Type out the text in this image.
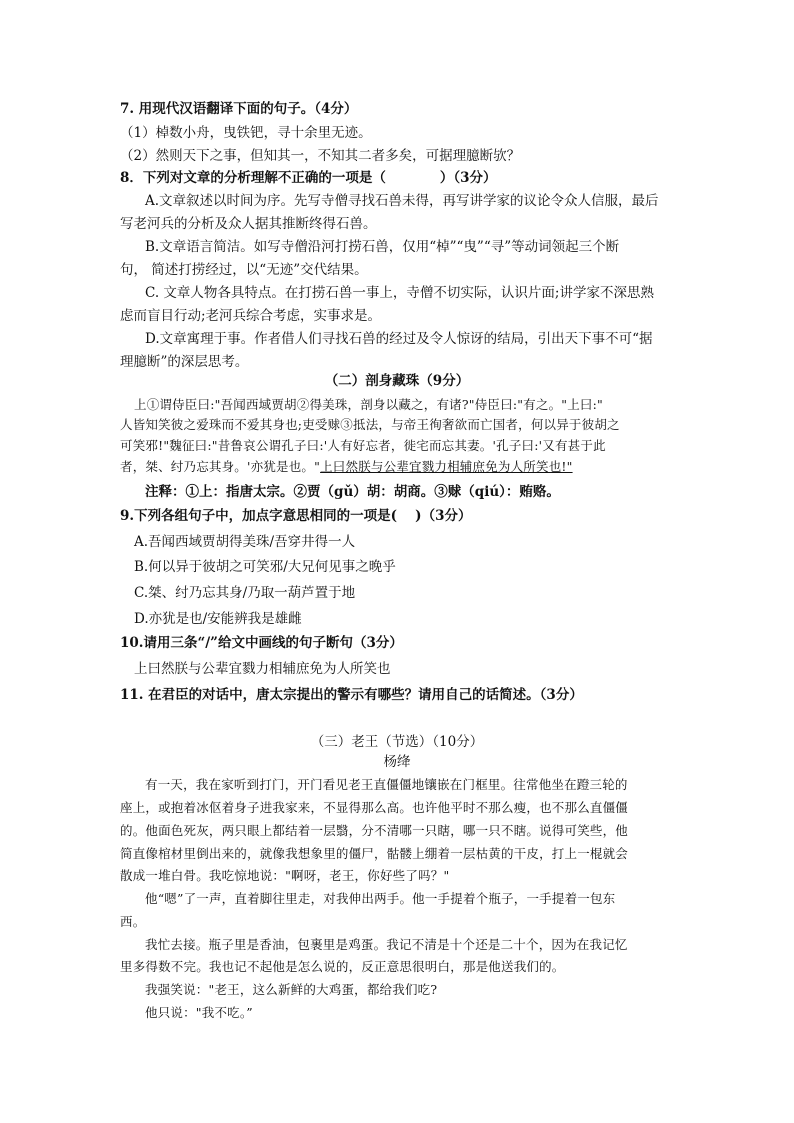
7. 用现代汉语翻译下面的句子。（4分）
（1）棹数小舟，曳铁钯，寻十余里无迹。
（2）然则天下之事，但知其一，不知其二者多矣，可据理臆断欤？
8．下列对文章的分析理解不正确的一项是（　　　　）（3分）
A.文章叙述以时间为序。先写寺僧寻找石兽未得，再写讲学家的议论令众人信服，最后
写老河兵的分析及众人据其推断终得石兽。
B.文章语言简洁。如写寺僧沿河打捞石兽，仅用“棹”“曳”“寻”等动词领起三个断
句， 简述打捞经过，以“无迹”交代结果。
C. 文章人物各具特点。在打捞石兽一事上，寺僧不切实际，认识片面;讲学家不深思熟
虑而盲目行动;老河兵综合考虑，实事求是。
D.文章寓理于事。作者借人们寻找石兽的经过及令人惊讶的结局，引出天下事不可“据
理臆断”的深层思考。
（二）剖身藏珠（9分）
上①谓侍臣曰:"吾闻西域贾胡②得美珠，剖身以藏之，有诸?"侍臣曰:"有之。"上曰:"
人皆知笑彼之爱珠而不爱其身也;吏受赇③抵法，与帝王徇奢欲而亡国者，何以异于彼胡之
可笑邪!"魏征曰:"昔鲁哀公谓孔子曰:'人有好忘者，徙宅而忘其妻。'孔子曰:'又有甚于此
者，桀、纣乃忘其身。'亦犹是也。"上曰然朕与公辈宜戮力相辅庶免为人所笑也!"
注释：①上：指唐太宗。②贾（gǔ）胡：胡商。③赇（qiú）：贿赂。
9.下列各组句子中，加点字意思相同的一项是(　 )（3分）
A.吾闻西域贾胡得美珠/吾穿井得一人
B.何以异于彼胡之可笑邪/大兄何见事之晚乎
C.桀、纣乃忘其身/乃取一葫芦置于地
D.亦犹是也/安能辨我是雄雌
10.请用三条“/”给文中画线的句子断句（3分）
上曰然朕与公辈宜戮力相辅庶免为人所笑也
11. 在君臣的对话中，唐太宗提出的警示有哪些？请用自己的话简述。（3分）
（三）老王（节选）（10分）
杨绛
有一天，我在家听到打门，开门看见老王直僵僵地镶嵌在门框里。往常他坐在蹬三轮的
座上，或抱着冰伛着身子进我家来，不显得那么高。也许他平时不那么瘦，也不那么直僵僵
的。他面色死灰，两只眼上都结着一层翳，分不清哪一只瞎，哪一只不瞎。说得可笑些，他
简直像棺材里倒出来的，就像我想象里的僵尸，骷髅上绷着一层枯黄的干皮，打上一棍就会
散成一堆白骨。我吃惊地说："啊呀，老王，你好些了吗？"
他“嗯”了一声，直着脚往里走，对我伸出两手。他一手提着个瓶子，一手提着一包东
西。
我忙去接。瓶子里是香油，包裹里是鸡蛋。我记不清是十个还是二十个，因为在我记忆
里多得数不完。我也记不起他是怎么说的，反正意思很明白，那是他送我们的。
我强笑说："老王，这么新鲜的大鸡蛋，都给我们吃?
他只说："我不吃。”
